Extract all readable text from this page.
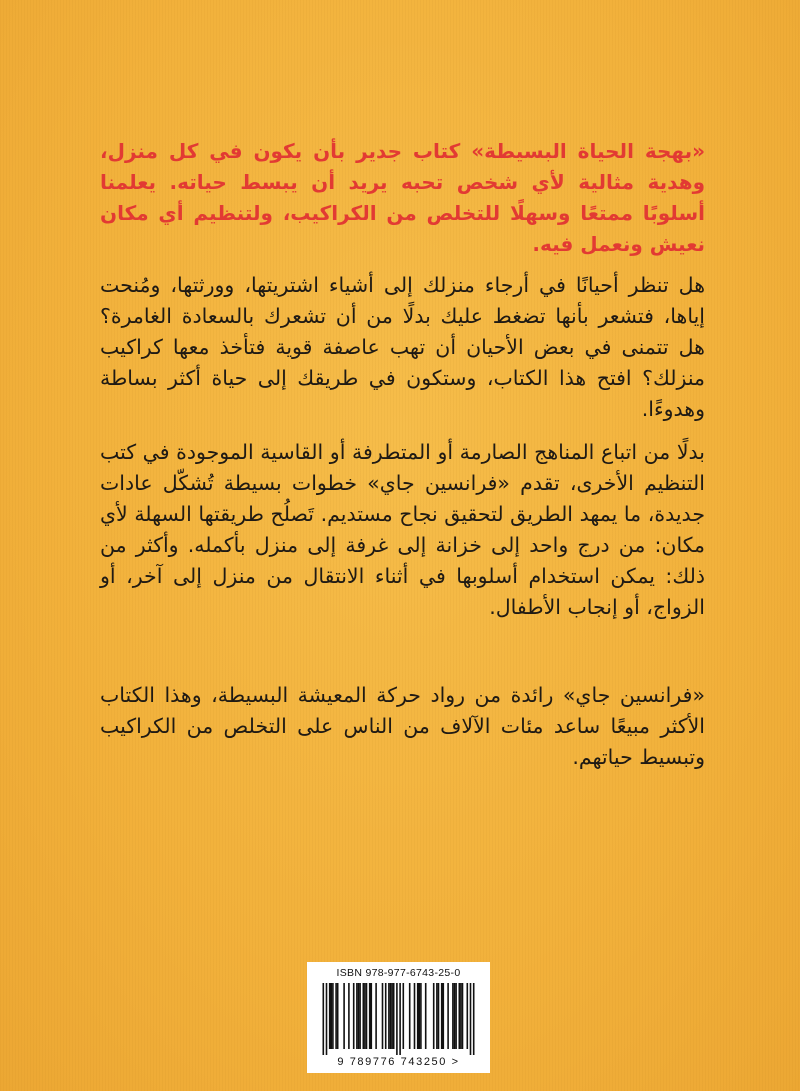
«بهجة الحياة البسيطة» كتاب جدير بأن يكون في كل منزل، وهدية مثالية لأي شخص تحبه يريد أن يبسط حياته. يعلمنا أسلوبًا ممتعًا وسهلًا للتخلص من الكراكيب، ولتنظيم أي مكان نعيش ونعمل فيه.

هل تنظر أحيانًا في أرجاء منزلك إلى أشياء اشتريتها، وورثتها، ومُنحت إياها، فتشعر بأنها تضغط عليك بدلًا من أن تشعرك بالسعادة الغامرة؟ هل تتمنى في بعض الأحيان أن تهب عاصفة قوية فتأخذ معها كراكيب منزلك؟ افتح هذا الكتاب، وستكون في طريقك إلى حياة أكثر بساطة وهدوءًا.

بدلًا من اتباع المناهج الصارمة أو المتطرفة أو القاسية الموجودة في كتب التنظيم الأخرى، تقدم «فرانسين جاي» خطوات بسيطة تُشكّل عادات جديدة، ما يمهد الطريق لتحقيق نجاح مستديم. تَصلُح طريقتها السهلة لأي مكان: من درج واحد إلى خزانة إلى غرفة إلى منزل بأكمله. وأكثر من ذلك: يمكن استخدام أسلوبها في أثناء الانتقال من منزل إلى آخر، أو الزواج، أو إنجاب الأطفال.

«فرانسين جاي» رائدة من رواد حركة المعيشة البسيطة، وهذا الكتاب الأكثر مبيعًا ساعد مئات الآلاف من الناس على التخلص من الكراكيب وتبسيط حياتهم.

ISBN 978-977-6743-25-0
9 789776 743250 >
